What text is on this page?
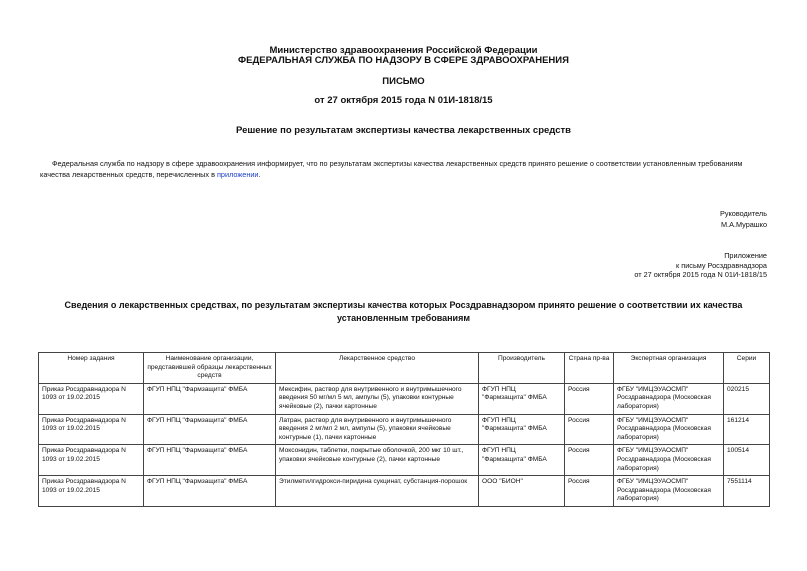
Министерство здравоохранения Российской Федерации
ФЕДЕРАЛЬНАЯ СЛУЖБА ПО НАДЗОРУ В СФЕРЕ ЗДРАВООХРАНЕНИЯ
ПИСЬМО
от 27 октября 2015 года N 01И-1818/15
Решение по результатам экспертизы качества лекарственных средств
Федеральная служба по надзору в сфере здравоохранения информирует, что по результатам экспертизы качества лекарственных средств принято решение о соответствии установленным требованиям качества лекарственных средств, перечисленных в приложении.
Руководитель
М.А.Мурашко
Приложение
к письму Росздравнадзора
от 27 октября 2015 года N 01И-1818/15
Сведения о лекарственных средствах, по результатам экспертизы качества которых Росздравнадзором принято решение о соответствии их качества установленным требованиям
Номер задания	Наименование организации, представившей образцы лекарственных средств	Лекарственное средство	Производитель	Страна пр-ва	Экспертная организация	Серии
Приказ Росздравнадзора N 1093 от 19.02.2015	ФГУП НПЦ "Фармзащита" ФМБА	Мексифин, раствор для внутривенного и внутримышечного введения 50 мг/мл 5 мл, ампулы (5), упаковки контурные ячейковые (2), пачки картонные	ФГУП НПЦ "Фармзащита" ФМБА	Россия	ФГБУ "ИМЦЭУАОСМП" Росздравнадзора (Московская лаборатория)	020215
Приказ Росздравнадзора N 1093 от 19.02.2015	ФГУП НПЦ "Фармзащита" ФМБА	Латран, раствор для внутривенного и внутримышечного введения 2 мг/мл 2 мл, ампулы (5), упаковки ячейковые контурные (1), пачки картонные	ФГУП НПЦ "Фармзащита" ФМБА	Россия	ФГБУ "ИМЦЭУАОСМП" Росздравнадзора (Московская лаборатория)	161214
Приказ Росздравнадзора N 1093 от 19.02.2015	ФГУП НПЦ "Фармзащита" ФМБА	Моксонидин, таблетки, покрытые оболочкой, 200 мкг 10 шт., упаковки ячейковые контурные (2), пачки картонные	ФГУП НПЦ "Фармзащита" ФМБА	Россия	ФГБУ "ИМЦЭУАОСМП" Росздравнадзора (Московская лаборатория)	100514
Приказ Росздравнадзора N 1093 от 19.02.2015	ФГУП НПЦ "Фармзащита" ФМБА	Этилметилгидрокси-пиридина сукцинат, субстанция-порошок	ООО "БИОН"	Россия	ФГБУ "ИМЦЭУАОСМП" Росздравнадзора (Московская лаборатория)	7551114
